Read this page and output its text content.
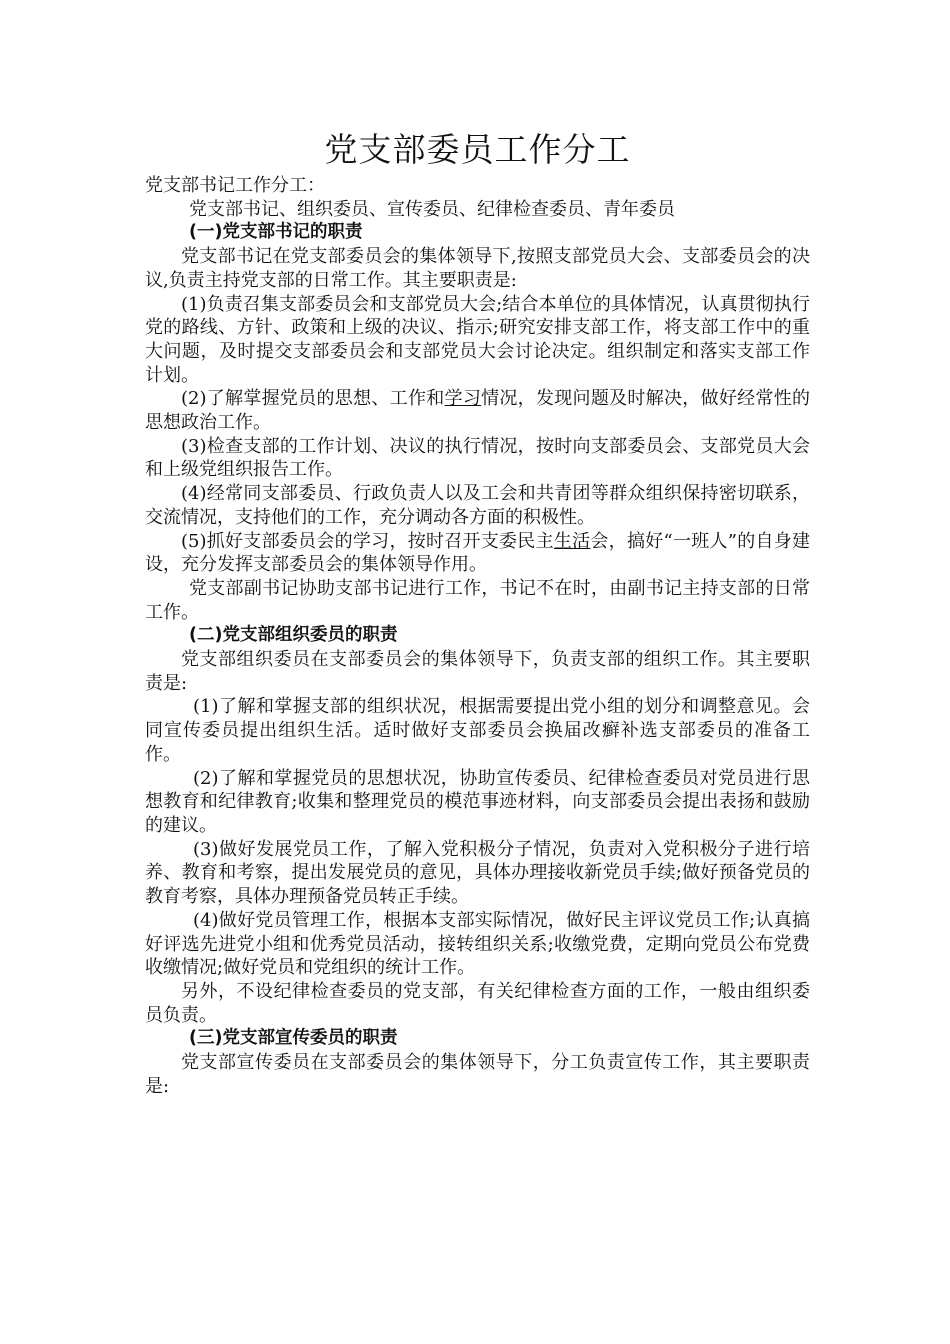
党支部委员工作分工

党支部书记工作分工：

党支部书记、组织委员、宣传委员、纪律检查委员、青年委员

(一)党支部书记的职责

党支部书记在党支部委员会的集体领导下,按照支部党员大会、支部委员会的决议,负责主持党支部的日常工作。其主要职责是:

(1)负责召集支部委员会和支部党员大会;结合本单位的具体情况，认真贯彻执行党的路线、方针、政策和上级的决议、指示;研究安排支部工作，将支部工作中的重大问题，及时提交支部委员会和支部党员大会讨论决定。组织制定和落实支部工作计划。

(2)了解掌握党员的思想、工作和学习情况，发现问题及时解决，做好经常性的思想政治工作。

(3)检查支部的工作计划、决议的执行情况，按时向支部委员会、支部党员大会和上级党组织报告工作。

(4)经常同支部委员、行政负责人以及工会和共青团等群众组织保持密切联系，交流情况，支持他们的工作，充分调动各方面的积极性。

(5)抓好支部委员会的学习，按时召开支委民主生活会，搞好“一班人”的自身建设，充分发挥支部委员会的集体领导作用。

党支部副书记协助支部书记进行工作，书记不在时，由副书记主持支部的日常工作。

(二)党支部组织委员的职责

党支部组织委员在支部委员会的集体领导下，负责支部的组织工作。其主要职责是:

(1)了解和掌握支部的组织状况，根据需要提出党小组的划分和调整意见。会同宣传委员提出组织生活。适时做好支部委员会换届改癣补选支部委员的准备工作。

(2)了解和掌握党员的思想状况，协助宣传委员、纪律检查委员对党员进行思想教育和纪律教育;收集和整理党员的模范事迹材料，向支部委员会提出表扬和鼓励的建议。

(3)做好发展党员工作，了解入党积极分子情况，负责对入党积极分子进行培养、教育和考察，提出发展党员的意见，具体办理接收新党员手续;做好预备党员的教育考察，具体办理预备党员转正手续。

(4)做好党员管理工作，根据本支部实际情况，做好民主评议党员工作;认真搞好评选先进党小组和优秀党员活动，接转组织关系;收缴党费，定期向党员公布党费收缴情况;做好党员和党组织的统计工作。

另外，不设纪律检查委员的党支部，有关纪律检查方面的工作，一般由组织委员负责。

(三)党支部宣传委员的职责

党支部宣传委员在支部委员会的集体领导下，分工负责宣传工作，其主要职责是:
